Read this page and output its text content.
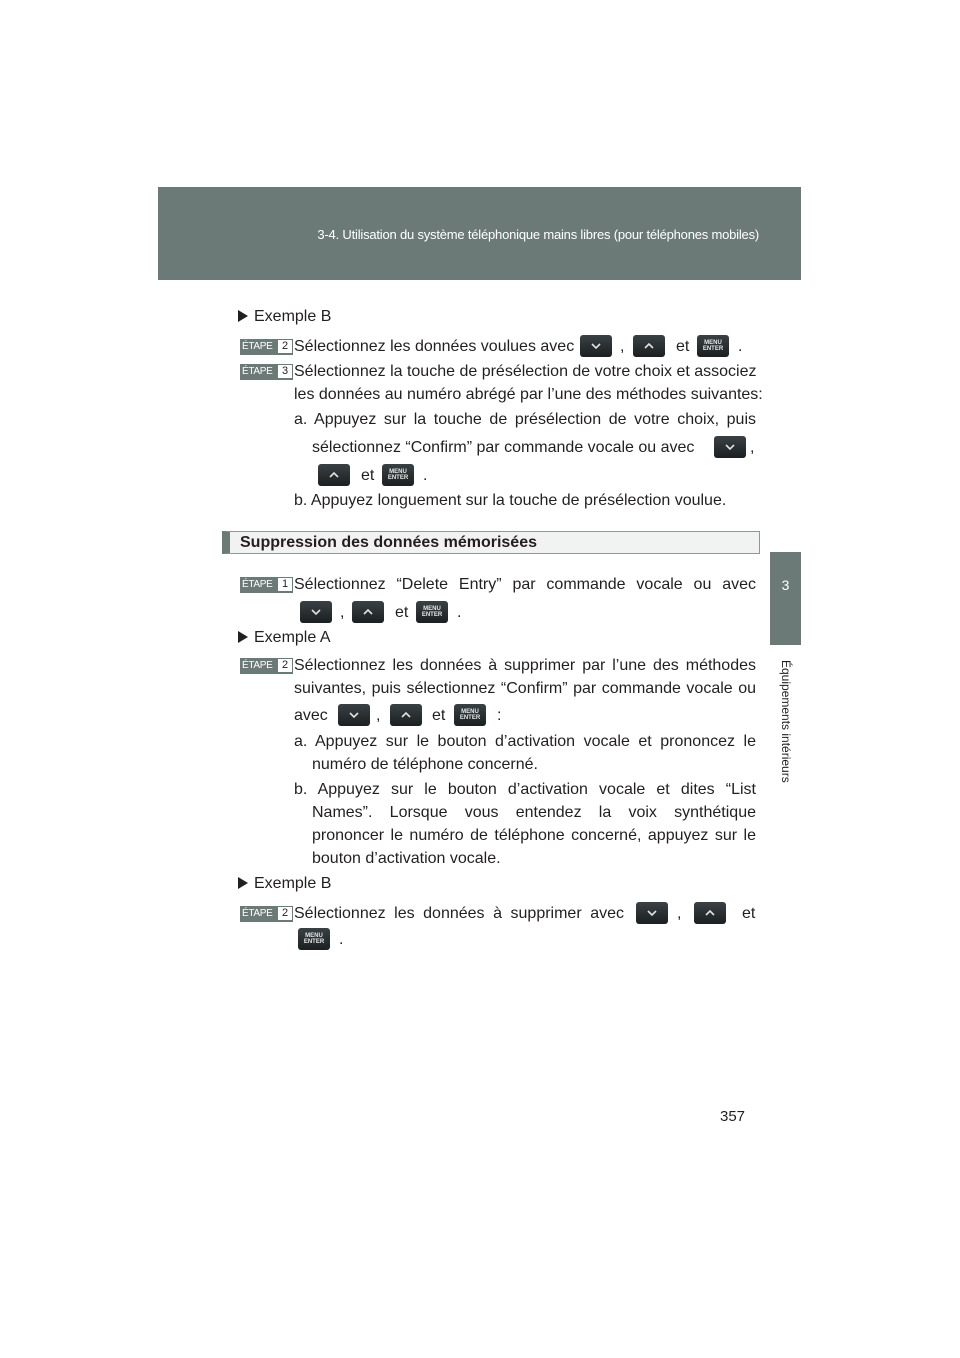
3-4. Utilisation du système téléphonique mains libres (pour téléphones mobiles)
3
Équipements intérieurs
Exemple B
ÉTAPE 2 Sélectionnez les données voulues avec	,	et	MENU
ENTER .
ÉTAPE 3 Sélectionnez la touche de présélection de votre choix et associez
les données au numéro abrégé par l’une des méthodes suivantes:
a. Appuyez sur la touche de présélection de votre choix, puis
sélectionnez “Confirm” par commande vocale ou avec	,
et	MENU
ENTER .
b. Appuyez longuement sur la touche de présélection voulue.
Suppression des données mémorisées
ÉTAPE 1 Sélectionnez “Delete Entry” par commande vocale ou avec
,	et	MENU
ENTER .
Exemple A
ÉTAPE 2 Sélectionnez les données à supprimer par l’une des méthodes
suivantes, puis sélectionnez “Confirm” par commande vocale ou
avec	,	et	MENU
ENTER	:
a. Appuyez sur le bouton d’activation vocale et prononcez le
numéro de téléphone concerné.
b. Appuyez sur le bouton d’activation vocale et dites “List
Names”. Lorsque vous entendez la voix synthétique
prononcer le numéro de téléphone concerné, appuyez sur le
bouton d’activation vocale.
Exemple B
ÉTAPE 2 Sélectionnez les données à supprimer avec	,	et
MENU
ENTER .
357
